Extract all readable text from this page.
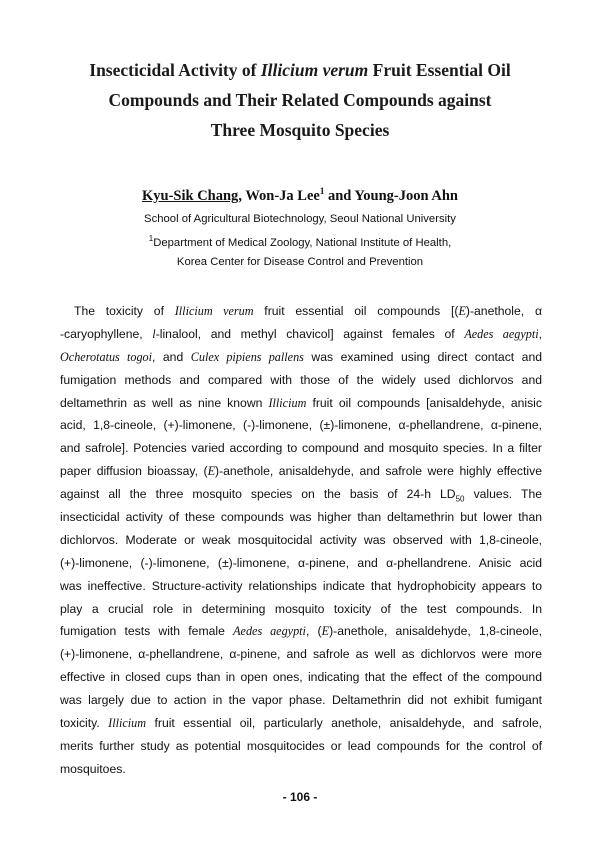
Insecticidal Activity of Illicium verum Fruit Essential Oil
Compounds and Their Related Compounds against
Three Mosquito Species
Kyu-Sik Chang, Won-Ja Lee$^1$ and Young-Joon Ahn
School of Agricultural Biotechnology, Seoul National University
$^1$Department of Medical Zoology, National Institute of Health,
Korea Center for Disease Control and Prevention
The toxicity of Illicium verum fruit essential oil compounds [(E)-anethole, α
-caryophyllene, l-linalool, and methyl chavicol] against females of Aedes aegypti,
Ocherotatus togoi, and Culex pipiens pallens was examined using direct contact and
fumigation methods and compared with those of the widely used dichlorvos and
deltamethrin as well as nine known Illicium fruit oil compounds [anisaldehyde, anisic
acid, 1,8-cineole, (+)-limonene, (-)-limonene, (±)-limonene, α-phellandrene, α-pinene,
and safrole]. Potencies varied according to compound and mosquito species. In a filter
paper diffusion bioassay, (E)-anethole, anisaldehyde, and safrole were highly effective
against all the three mosquito species on the basis of 24-h $LD_{50}$ values. The
insecticidal activity of these compounds was higher than deltamethrin but lower than
dichlorvos. Moderate or weak mosquitocidal activity was observed with 1,8-cineole,
(+)-limonene, (-)-limonene, (±)-limonene, α-pinene, and α-phellandrene. Anisic acid
was ineffective. Structure-activity relationships indicate that hydrophobicity appears to
play a crucial role in determining mosquito toxicity of the test compounds. In
fumigation tests with female Aedes aegypti, (E)-anethole, anisaldehyde, 1,8-cineole,
(+)-limonene, α-phellandrene, α-pinene, and safrole as well as dichlorvos were more
effective in closed cups than in open ones, indicating that the effect of the compound
was largely due to action in the vapor phase. Deltamethrin did not exhibit fumigant
toxicity. Illicium fruit essential oil, particularly anethole, anisaldehyde, and safrole,
merits further study as potential mosquitocides or lead compounds for the control of
mosquitoes.
- 106 -
